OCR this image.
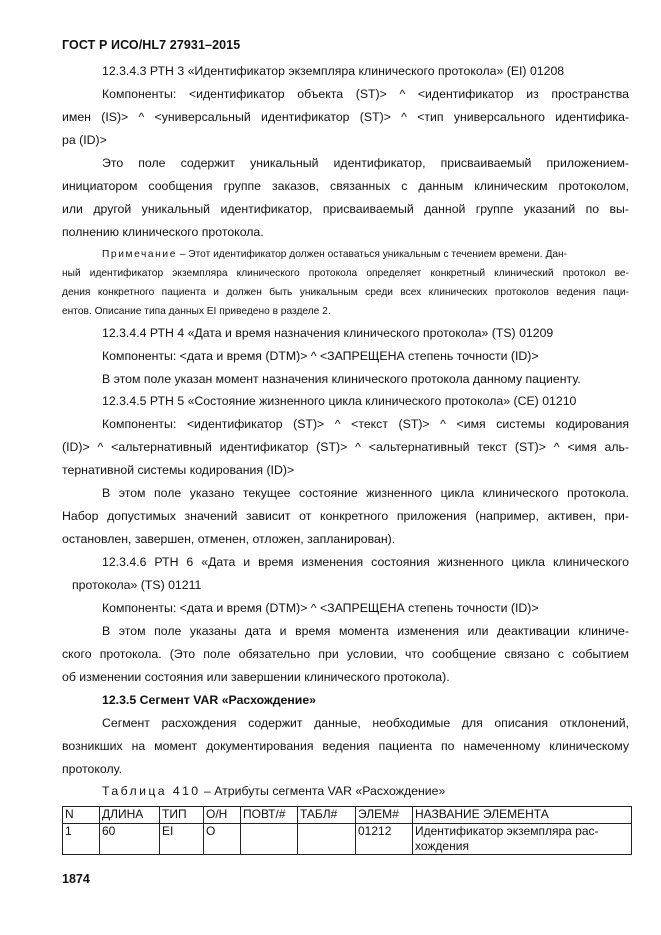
ГОСТ Р ИСО/HL7 27931–2015
12.3.4.3 РТН 3 «Идентификатор экземпляра клинического протокола» (EI) 01208
Компоненты: <идентификатор объекта (ST)> ^ <идентификатор из пространства
имен (IS)> ^ <универсальный идентификатор (ST)> ^ <тип универсального идентифика-
ра (ID)>
Это поле содержит уникальный идентификатор, присваиваемый приложением-
инициатором сообщения группе заказов, связанных с данным клиническим протоколом,
или другой уникальный идентификатор, присваиваемый данной группе указаний по вы-
полнению клинического протокола.
Примечание – Этот идентификатор должен оставаться уникальным с течением времени. Дан-
ный идентификатор экземпляра клинического протокола определяет конкретный клинический протокол ве-
дения конкретного пациента и должен быть уникальным среди всех клинических протоколов ведения паци-
ентов. Описание типа данных EI приведено в разделе 2.
12.3.4.4 РТН 4 «Дата и время назначения клинического протокола» (TS) 01209
Компоненты: <дата и время (DTM)> ^ <ЗАПРЕЩЕНА степень точности (ID)>
В этом поле указан момент назначения клинического протокола данному пациенту.
12.3.4.5 РТН 5 «Состояние жизненного цикла клинического протокола» (CE) 01210
Компоненты: <идентификатор (ST)> ^ <текст (ST)> ^ <имя системы кодирования
(ID)> ^ <альтернативный идентификатор (ST)> ^ <альтернативный текст (ST)> ^ <имя аль-
тернативной системы кодирования (ID)>
В этом поле указано текущее состояние жизненного цикла клинического протокола.
Набор допустимых значений зависит от конкретного приложения (например, активен, при-
остановлен, завершен, отменен, отложен, запланирован).
12.3.4.6 РТН 6 «Дата и время изменения состояния жизненного цикла клинического
протокола» (TS) 01211
Компоненты: <дата и время (DTM)> ^ <ЗАПРЕЩЕНА степень точности (ID)>
В этом поле указаны дата и время момента изменения или деактивации клиниче-
ского протокола. (Это поле обязательно при условии, что сообщение связано с событием
об изменении состояния или завершении клинического протокола).
12.3.5 Сегмент VAR «Расхождение»
Сегмент расхождения содержит данные, необходимые для описания отклонений,
возникших на момент документирования ведения пациента по намеченному клиническому
протоколу.
Таблица 410 – Атрибуты сегмента VAR «Расхождение»
N	ДЛИНА	ТИП	О/Н	ПОВТ/#	ТАБЛ#	ЭЛЕМ#	НАЗВАНИЕ ЭЛЕМЕНТА
1	60	EI	O			01212	Идентификатор экземпляра рас-хождения
1874
